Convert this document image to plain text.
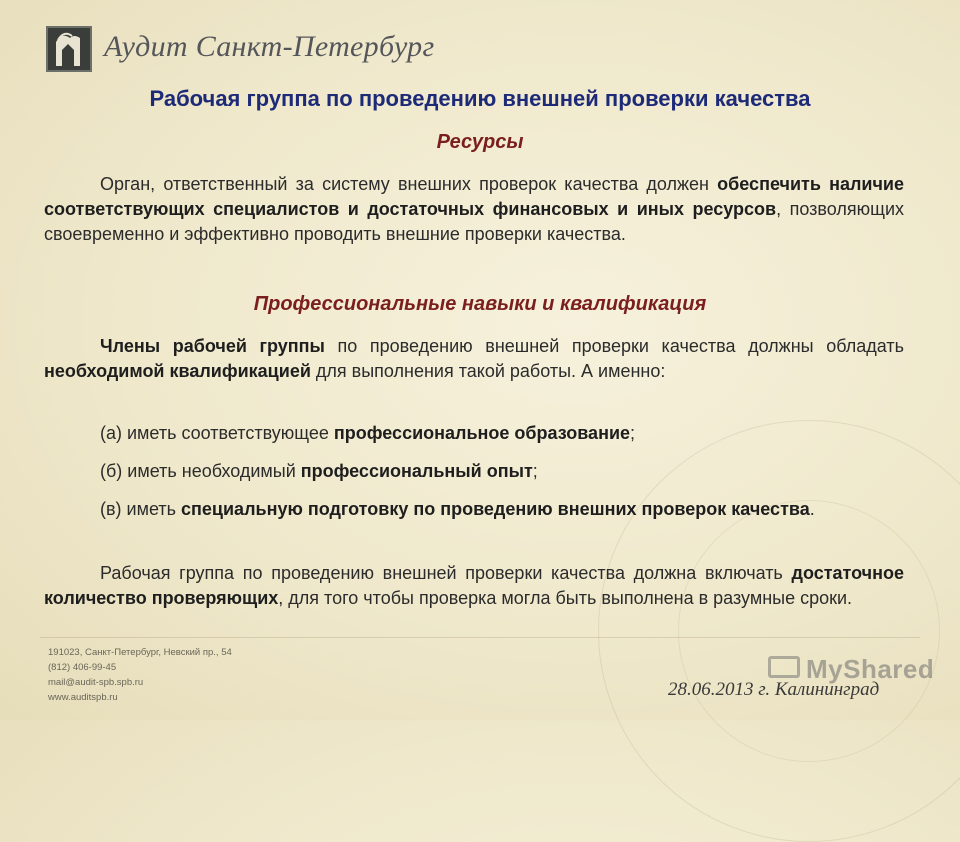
Аудит Санкт-Петербург
Рабочая группа по проведению внешней проверки качества
Ресурсы
Орган, ответственный за систему внешних проверок качества должен обеспечить наличие соответствующих специалистов и достаточных финансовых и иных ресурсов, позволяющих своевременно и эффективно проводить внешние проверки качества.
Профессиональные навыки и квалификация
Члены рабочей группы по проведению внешней проверки качества должны обладать необходимой квалификацией для выполнения такой работы. А именно:
(а) иметь соответствующее профессиональное образование;
(б) иметь необходимый профессиональный опыт;
(в) иметь специальную подготовку по проведению внешних проверок качества.
Рабочая группа по проведению внешней проверки качества должна включать достаточное количество проверяющих, для того чтобы проверка могла быть выполнена в разумные сроки.
191023, Санкт-Петербург, Невский пр., 54
(812) 406-99-45
mail@audit-spb.spb.ru
www.auditspb.ru
MyShared
28.06.2013 г. Калининград
